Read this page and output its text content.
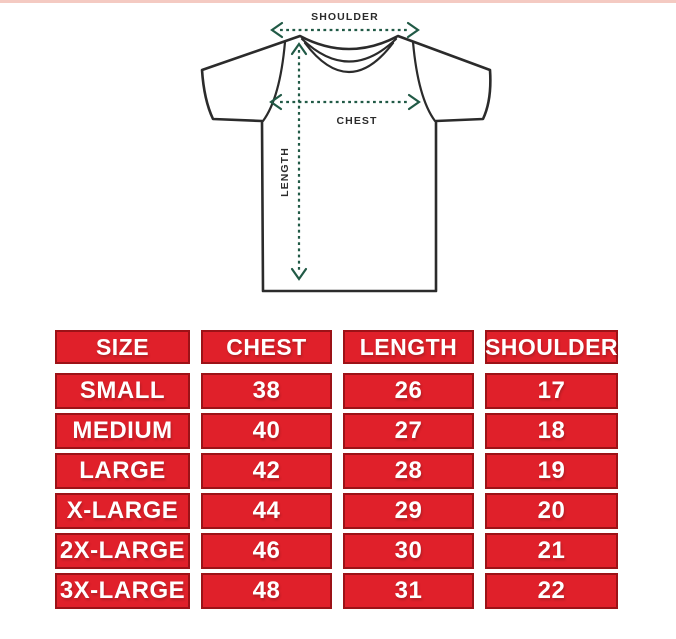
SHOULDER
CHEST
LENGTH
SIZE	CHEST	LENGTH	SHOULDER
SMALL	38	26	17
MEDIUM	40	27	18
LARGE	42	28	19
X-LARGE	44	29	20
2X-LARGE	46	30	21
3X-LARGE	48	31	22
